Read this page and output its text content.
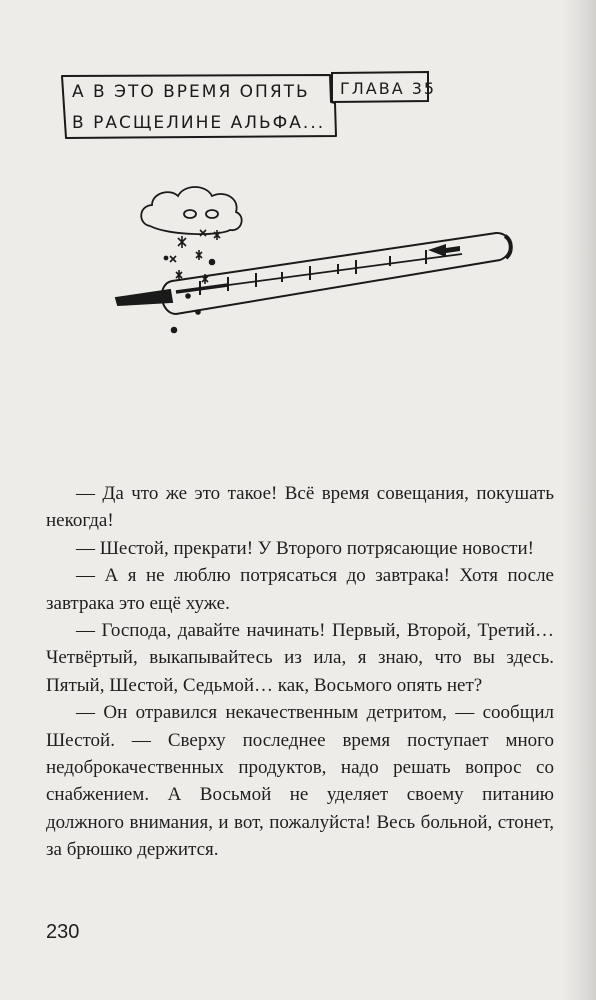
А В ЭТО ВРЕМЯ ОПЯТЬ
В РАСЩЕЛИНЕ АЛЬФА...
ГЛАВА 35

— Да что же это такое! Всё время совещания, покушать некогда!

— Шестой, прекрати! У Второго потрясающие новости!

— А я не люблю потрясаться до завтрака! Хотя после завтрака это ещё хуже.

— Господа, давайте начинать! Первый, Второй, Третий… Четвёртый, выкапывайтесь из ила, я знаю, что вы здесь. Пятый, Шестой, Седьмой… как, Восьмого опять нет?

— Он отравился некачественным детритом, — сообщил Шестой. — Сверху последнее время поступает много недоброкачественных продуктов, надо решать вопрос со снабжением. А Восьмой не уделяет своему питанию должного внимания, и вот, пожалуйста! Весь больной, стонет, за брюшко держится.

230
